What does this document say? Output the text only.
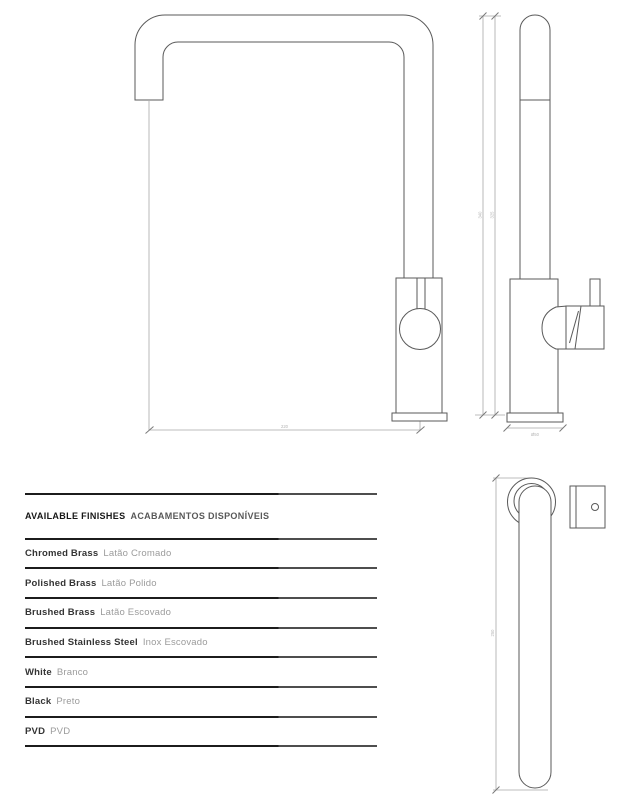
220
340 325
Ø50
250
AVAILABLE FINISHES ACABAMENTOS DISPONÍVEIS
Chromed Brass Latão Cromado
Polished Brass Latão Polido
Brushed Brass Latão Escovado
Brushed Stainless Steel Inox Escovado
White Branco
Black Preto
PVD PVD
